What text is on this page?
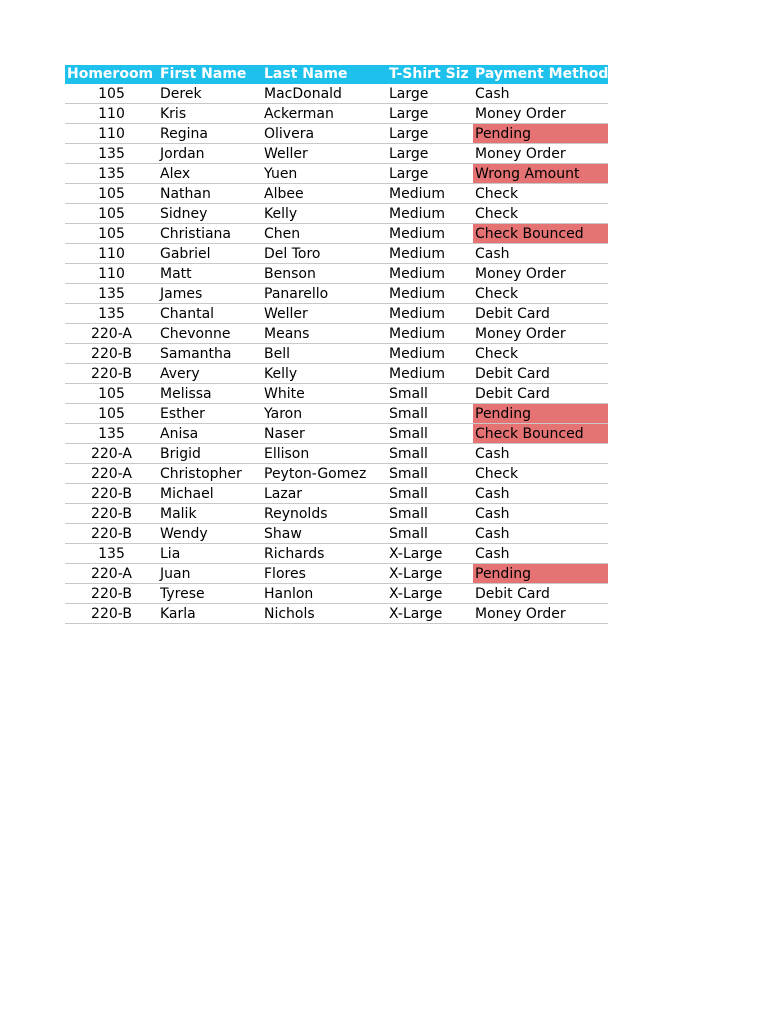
Homeroom	First Name	Last Name	T-Shirt Siz	Payment Method
105	Derek	MacDonald	Large	Cash
110	Kris	Ackerman	Large	Money Order
110	Regina	Olivera	Large	Pending
135	Jordan	Weller	Large	Money Order
135	Alex	Yuen	Large	Wrong Amount
105	Nathan	Albee	Medium	Check
105	Sidney	Kelly	Medium	Check
105	Christiana	Chen	Medium	Check Bounced
110	Gabriel	Del Toro	Medium	Cash
110	Matt	Benson	Medium	Money Order
135	James	Panarello	Medium	Check
135	Chantal	Weller	Medium	Debit Card
220-A	Chevonne	Means	Medium	Money Order
220-B	Samantha	Bell	Medium	Check
220-B	Avery	Kelly	Medium	Debit Card
105	Melissa	White	Small	Debit Card
105	Esther	Yaron	Small	Pending
135	Anisa	Naser	Small	Check Bounced
220-A	Brigid	Ellison	Small	Cash
220-A	Christopher	Peyton-Gomez	Small	Check
220-B	Michael	Lazar	Small	Cash
220-B	Malik	Reynolds	Small	Cash
220-B	Wendy	Shaw	Small	Cash
135	Lia	Richards	X-Large	Cash
220-A	Juan	Flores	X-Large	Pending
220-B	Tyrese	Hanlon	X-Large	Debit Card
220-B	Karla	Nichols	X-Large	Money Order
